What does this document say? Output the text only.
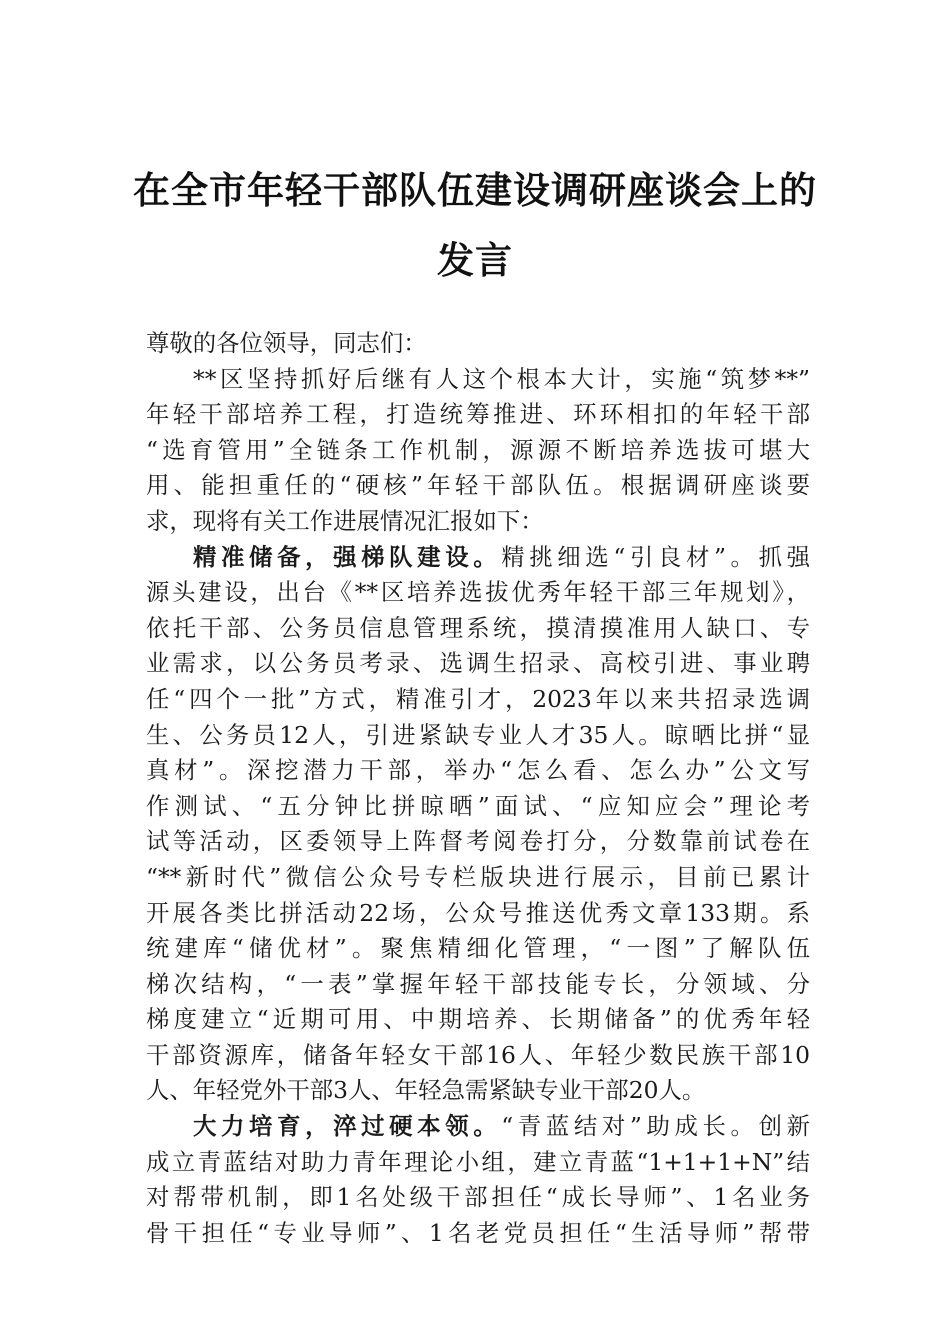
在全市年轻干部队伍建设调研座谈会上的
发言
尊敬的各位领导，同志们：
**区坚持抓好后继有人这个根本大计，实施“筑梦**”
年轻干部培养工程，打造统筹推进、环环相扣的年轻干部
“选育管用”全链条工作机制，源源不断培养选拔可堪大
用、能担重任的“硬核”年轻干部队伍。根据调研座谈要
求，现将有关工作进展情况汇报如下：
精准储备，强梯队建设。精挑细选“引良材”。抓强
源头建设，出台《**区培养选拔优秀年轻干部三年规划》，
依托干部、公务员信息管理系统，摸清摸准用人缺口、专
业需求，以公务员考录、选调生招录、高校引进、事业聘
任“四个一批”方式，精准引才，2023年以来共招录选调
生、公务员12人，引进紧缺专业人才35人。晾晒比拼“显
真材”。深挖潜力干部，举办“怎么看、怎么办”公文写
作测试、“五分钟比拼晾晒”面试、“应知应会”理论考
试等活动，区委领导上阵督考阅卷打分，分数靠前试卷在
“**新时代”微信公众号专栏版块进行展示，目前已累计
开展各类比拼活动22场，公众号推送优秀文章133期。系
统建库“储优材”。聚焦精细化管理，“一图”了解队伍
梯次结构，“一表”掌握年轻干部技能专长，分领域、分
梯度建立“近期可用、中期培养、长期储备”的优秀年轻
干部资源库，储备年轻女干部16人、年轻少数民族干部10
人、年轻党外干部3人、年轻急需紧缺专业干部20人。
大力培育，淬过硬本领。“青蓝结对”助成长。创新
成立青蓝结对助力青年理论小组，建立青蓝“1+1+1+N”结
对帮带机制，即1名处级干部担任“成长导师”、1名业务
骨干担任“专业导师”、1名老党员担任“生活导师”帮带
